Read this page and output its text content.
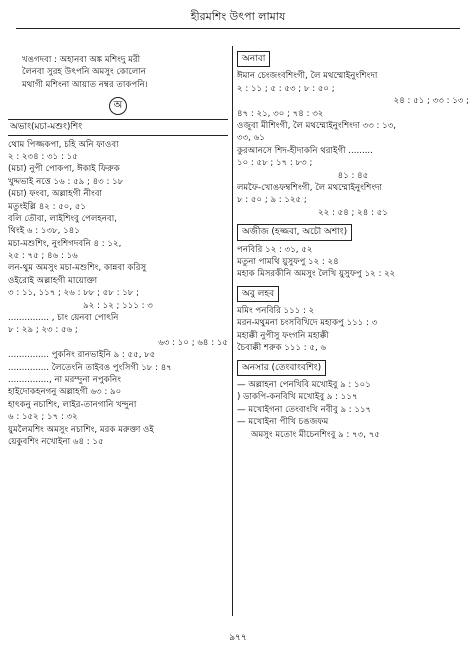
হীরমশিং উৎপা লামায
খঙগদবা : অহানবা অঙ্ক মশিংদু মরী
লৈনবা সুরহ উৎপনি অমসুং কোলোন
মথাগী মশিংনা আয়াত নম্বর তাকপনি।
অ
অভাং(মচা-মশুং)শিং
থোম পিজ্জকপা, চহি অনি ফাওবা
২ : ২৩৪ : ৩১ : ১৫
(মচা) নুপী পোকপা, ঈকাই ফিরুক
খুদ্দভাই নত্তে ১৬ : ৫৯ ; ৪৩ : ১৮
(মচা) ফংবা, অল্লাহগী নীংবা
মতুংইল্লি ৪২ : ৫০, ৫১
বলি তৌবা, লাইশিংবু পেলহনবা,
থিংই ৬ : ১৩৮, ১৪১
মচা-মশুশিং, নুংশিগদবনি ৪ : ১২,
২৫ : ৭৫ ; ৪৬ : ১৬
লন-থুম অমসুং মচা-মশুশিং, কান্নবা করিসু
ওইরোই অল্লাহগী মায়োক্তা
৩ : ১১, ১১৭ ; ২৬ : ৮৮ ; ৫৮ : ১৮ ;
৯২ : ১২ ; ১১১ : ৩
............... , চাং য়েনবা পোৎনি
৮ : ২৯ ; ২৩ : ৫৬ ;
৬৩ : ১০ ; ৬৪ : ১৫
............... পুকনিং রানভাইনি ৯ : ৫৫, ৮৫
............... লৈতেংনি তাইবঙ পুংসিগী ১৮ : ৪৭
..............., না মরম্দুনা নপুকনিং
হাইদোকহনগনু অল্লাহগী ৬৩ : ৯০
হাৎকনু নচাশিং, লাইর-তানগানি খন্দুনা
৬ : ১৫২ ; ১৭ : ৩২
য়ুমলৈমশিং অমসুং নচাশিং, মরক মরুক্তা ওই
য়েকুবশিং নখোইনা ৬৪ : ১৫
অনাবা
ঈমান চেংজংবশিংগী, লৈ মথম্মোইনুংশিংদা
২ : ১১ ; ৫ : ৫৩ ; ৮ : ৫০ ;
২৪ : ৫১ ; ৩৩ : ১৩ ;
৪৭ : ২১, ৩০ ; ৭৪ : ৩২
ওজুবা মীশিংগী, লৈ মথম্মোইনুংশিংদা ৩৩ : ১৩,
৩৩, ৬১
কুরআনসে শিদ-হীদাকনি থরাইগী .........
১০ : ৫৮ ; ১৭ : ৮৩ ;
৪১ : ৪৫
লমফৈ-খোঙফম্বশিংগী, লৈ মথম্মোইনুংশিংদা
৮ : ৫০ ; ৯ : ১২৫ ;
২২ : ৫৪ ; ২৪ : ৫১
অজীজ (হজ্জবা, অচৌ অশাং)
পনবিরি ১২ : ৩১, ৫২
মতুনা পামথি য়ুসুফপু ১২ : ২৪
মহাক মিসরকীনি অমসুং লৈখি য়ুসুফপু ১২ : ২২
অবু লহব
মমিং পনবিরি ১১১ : ২
মরন-মথুমনা চংসবিখিদে মহাকপু ১১১ : ৩
মহাক্কী নুপীসু ফংগনি মহাক্কী
চৈবাক্কী শরুক ১১১ : ৫, ৬
অনসার (তেংবাংবশিং)
— অল্লাহনা পেনখিবি মখোইবু ৯ : ১০১
) ডাকপি-কনবিখি মখোইবু ৯ : ১১৭
— মখোইগনা তেংবাংখি নবীবু ৯ : ১১৭
— মখোইনা পীখি চঙজফম
অমসুং মতোং মীচেনশিংবু ৯ : ৭৩, ৭৫
৯৭৭
